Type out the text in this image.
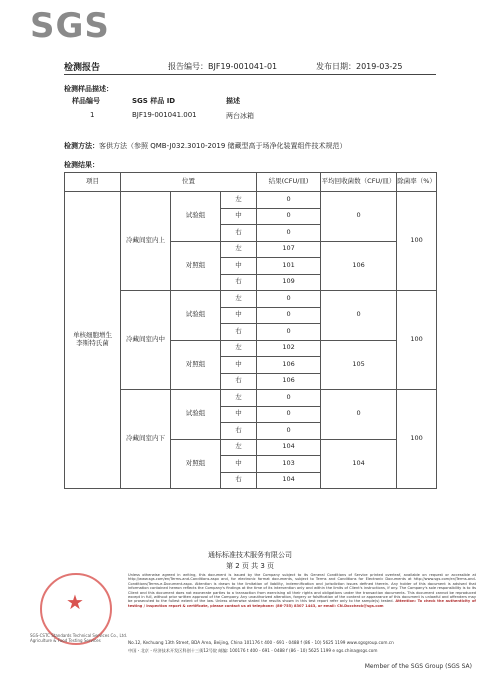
SGS
检测报告	报告编号：BJF19-001041-01	发布日期：2019-03-25
检测样品描述：
样品编号	SGS 样品 ID	描述
1	BJF19-001041.001	两台冰箱
检测方法：客供方法（参照 QMB-J032.3010-2019 储藏型高于场净化装置组件技术规范）
检测结果：
项目	位置			结果(CFU/皿)	平均回收菌数（CFU/皿）	除菌率（%）
单核细胞增生李斯特氏菌	冷藏间室内上	试验组	左	0	0	100
			中	0		
			右	0		
		对照组	左	107	106	
			中	101		
			右	109		
	冷藏间室内中	试验组	左	0	0	100
			中	0		
			右	0		
		对照组	左	102	105	
			中	106		
			右	106		
	冷藏间室内下	试验组	左	0	0	100
			中	0		
			右	0		
		对照组	左	104	104	
			中	103		
			右	104		
通标标准技术服务有限公司
第 2 页 共 3 页
★
SGS-CSTC Standards Technical Services Co., Ltd. Agriculture & Food Testing Services
Unless otherwise agreed in writing, this document is issued by the Company subject to its General Conditions of Service printed overleaf, available on request or accessible at http://www.sgs.com/en/Terms-and-Conditions.aspx and, for electronic format documents, subject to Terms and Conditions for Electronic Documents at http://www.sgs.com/en/Terms-and-Conditions/Terms-e-Document.aspx. Attention is drawn to the limitation of liability, indemnification and jurisdiction issues defined therein. Any holder of this document is advised that information contained hereon reflects the Company's findings at the time of its intervention only and within the limits of Client's instructions, if any. The Company's sole responsibility is to its Client and this document does not exonerate parties to a transaction from exercising all their rights and obligations under the transaction documents. This document cannot be reproduced except in full, without prior written approval of the Company. Any unauthorized alteration, forgery or falsification of the content or appearance of this document is unlawful and offenders may be prosecuted to the fullest extent of the law. Unless otherwise stated the results shown in this test report refer only to the sample(s) tested. Attention: To check the authenticity of testing / inspection report & certificate, please contact us at telephone: (86-755) 8307 1443, or email: CN.Doccheck@sgs.com
No.12, Kechuang 13th Street, BDA Area, Beijing, China 101176 t 400 - 691 - 0488 f (86 - 10) 5625 1199 www.sgsgroup.com.cn
中国・北京・经济技术开发区科创十三街12号院 邮编: 100176 t 400 - 691 - 0488 f (86 - 10) 5625 1199 e sgs.china@sgs.com
Member of the SGS Group (SGS SA)
